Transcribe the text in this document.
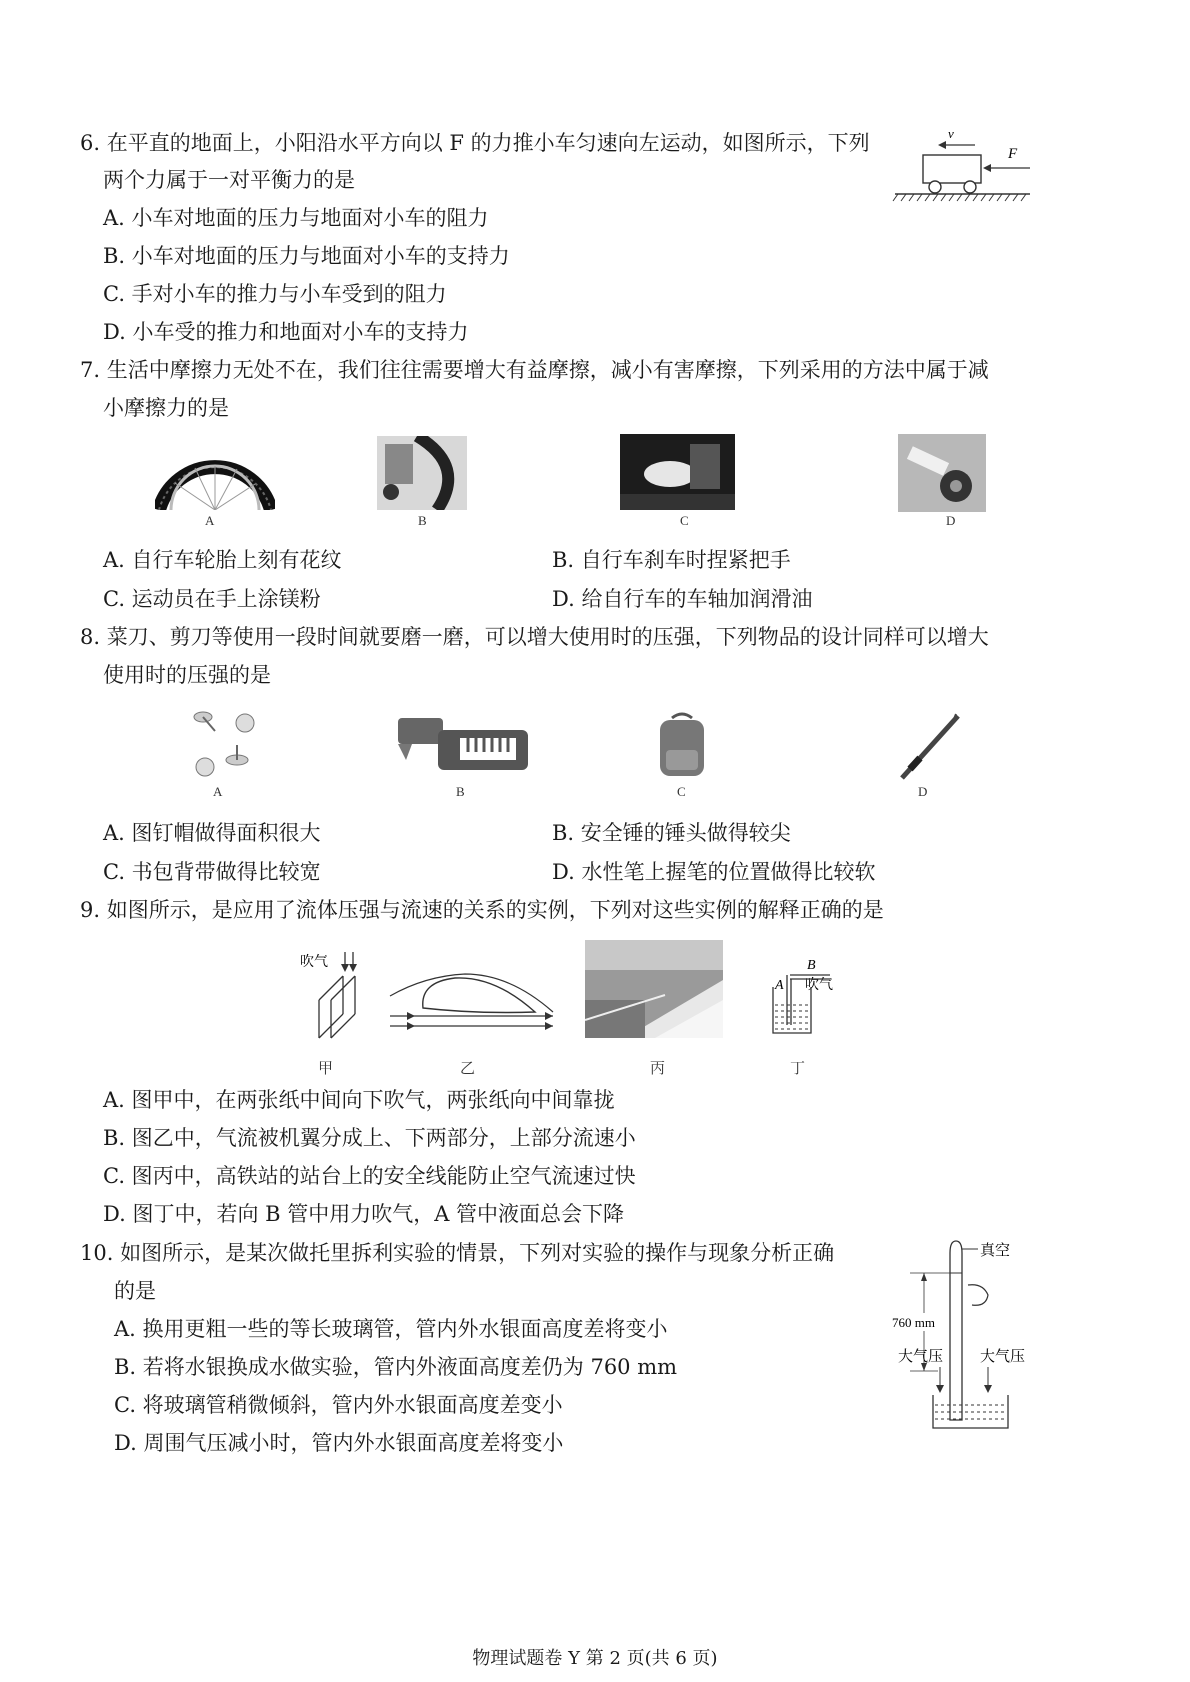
6. 在平直的地面上，小阳沿水平方向以 F 的力推小车匀速向左运动，如图所示，下列
两个力属于一对平衡力的是
A. 小车对地面的压力与地面对小车的阻力
B. 小车对地面的压力与地面对小车的支持力
C. 手对小车的推力与小车受到的阻力
D. 小车受的推力和地面对小车的支持力
v
F
7. 生活中摩擦力无处不在，我们往往需要增大有益摩擦，减小有害摩擦，下列采用的方法中属于减
小摩擦力的是
A	B	C	D
A. 自行车轮胎上刻有花纹	B. 自行车刹车时捏紧把手
C. 运动员在手上涂镁粉	D. 给自行车的车轴加润滑油
8. 菜刀、剪刀等使用一段时间就要磨一磨，可以增大使用时的压强，下列物品的设计同样可以增大
使用时的压强的是
A	B	C	D
A. 图钉帽做得面积很大	B. 安全锤的锤头做得较尖
C. 书包背带做得比较宽	D. 水性笔上握笔的位置做得比较软
9. 如图所示，是应用了流体压强与流速的关系的实例，下列对这些实例的解释正确的是
吹气	B
A 吹气
甲	乙	丙	丁
A. 图甲中，在两张纸中间向下吹气，两张纸向中间靠拢
B. 图乙中，气流被机翼分成上、下两部分，上部分流速小
C. 图丙中，高铁站的站台上的安全线能防止空气流速过快
D. 图丁中，若向 B 管中用力吹气，A 管中液面总会下降
10. 如图所示，是某次做托里拆利实验的情景，下列对实验的操作与现象分析正确
的是
A. 换用更粗一些的等长玻璃管，管内外水银面高度差将变小
B. 若将水银换成水做实验，管内外液面高度差仍为 760 mm
C. 将玻璃管稍微倾斜，管内外水银面高度差变小
D. 周围气压减小时，管内外水银面高度差将变小
真空
760 mm
大气压 大气压
物理试题卷 Y 第 2 页(共 6 页)
